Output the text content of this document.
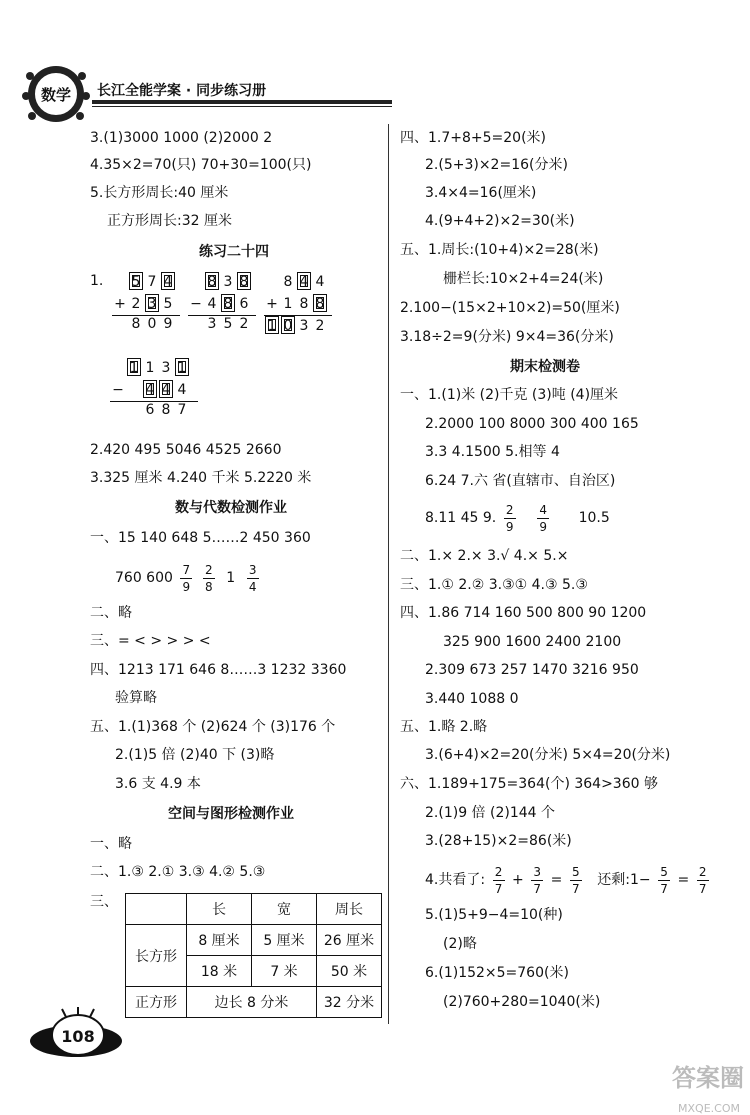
数学 长江全能学案 · 同步练习册
3.(1)3000 1000 (2)2000 2
4.35×2=70(只) 70+30=100(只)
5.长方形周长:40 厘米
正方形周长:32 厘米
练习二十四
1.	5 7 4
+ 2 3 5
8 0 9
8 3 8
− 4 8 6
3 5 2
8 4 4
+ 1 8 8
1 0 3 2
1 1 3 1
− 4 4 4
6 8 7
2.420 495 5046 4525 2660
3.325 厘米 4.240 千米 5.2220 米
数与代数检测作业
一、15 140 648 5……2 450 360
760 $600 \frac{7}{9}$
$\frac{2}{8} 1 \frac{3}{4}$
二、略
三、= < > > > <
四、1213 171 646 8……3 1232 3360
验算略
五、1.(1)368 个 (2)624 个 (3)176 个
2.(1)5 倍 (2)40 下 (3)略
3.6 支 4.9 本
空间与图形检测作业
一、略
二、1.③ 2.① 3.③ 4.② 5.③
三、
		长	宽	周长
长方形	8 厘米	5 厘米	26 厘米
	18 米	7 米	50 米
正方形	边长 8 分米		32 分米
四、1.7+8+5=20(米)
2.(5+3)×2=16(分米)
3.4×4=16(厘米)
4.(9+4+2)×2=30(米)
五、1.周长:(10+4)×2=28(米)
栅栏长:10×2+4=24(米)
2.100−(15×2+10×2)=50(厘米)
3.18÷2=9(分米) 9×4=36(分米)
期末检测卷
一、1.(1)米 (2)千克 (3)吨 (4)厘米
2.2000 100 8000 300 400 165
3.3 4.1500 5.相等 4
6.24 7.六 省(直辖市、自治区)
8.11 45 9. $\frac{2}{9}$
$\frac{4}{9} 10.5$
二、1.× 2.× 3.√ 4.× 5.×
三、1.① 2.② 3.③① 4.③ 5.③
四、1.86 714 160 500 800 90 1200
325 900 1600 2400 2100
2.309 673 257 1470 3216 950
3.440 1088 0
五、1.略 2.略
3.(6+4)×2=20(分米) 5×4=20(分米)
六、1.189+175=364(个) 364>360 够
2.(1)9 倍 (2)144 个
3.(28+15)×2=86(米)
4.共看了: $\frac{2}{7} + \frac{3}{7} = \frac{5}{7}$ 还剩:1− $\frac{5}{7} = \frac{2}{7}$
5.(1)5+9−4=10(种)
(2)略
6.(1)152×5=760(米)
(2)760+280=1040(米)
108
答案圈
MXQE.COM
